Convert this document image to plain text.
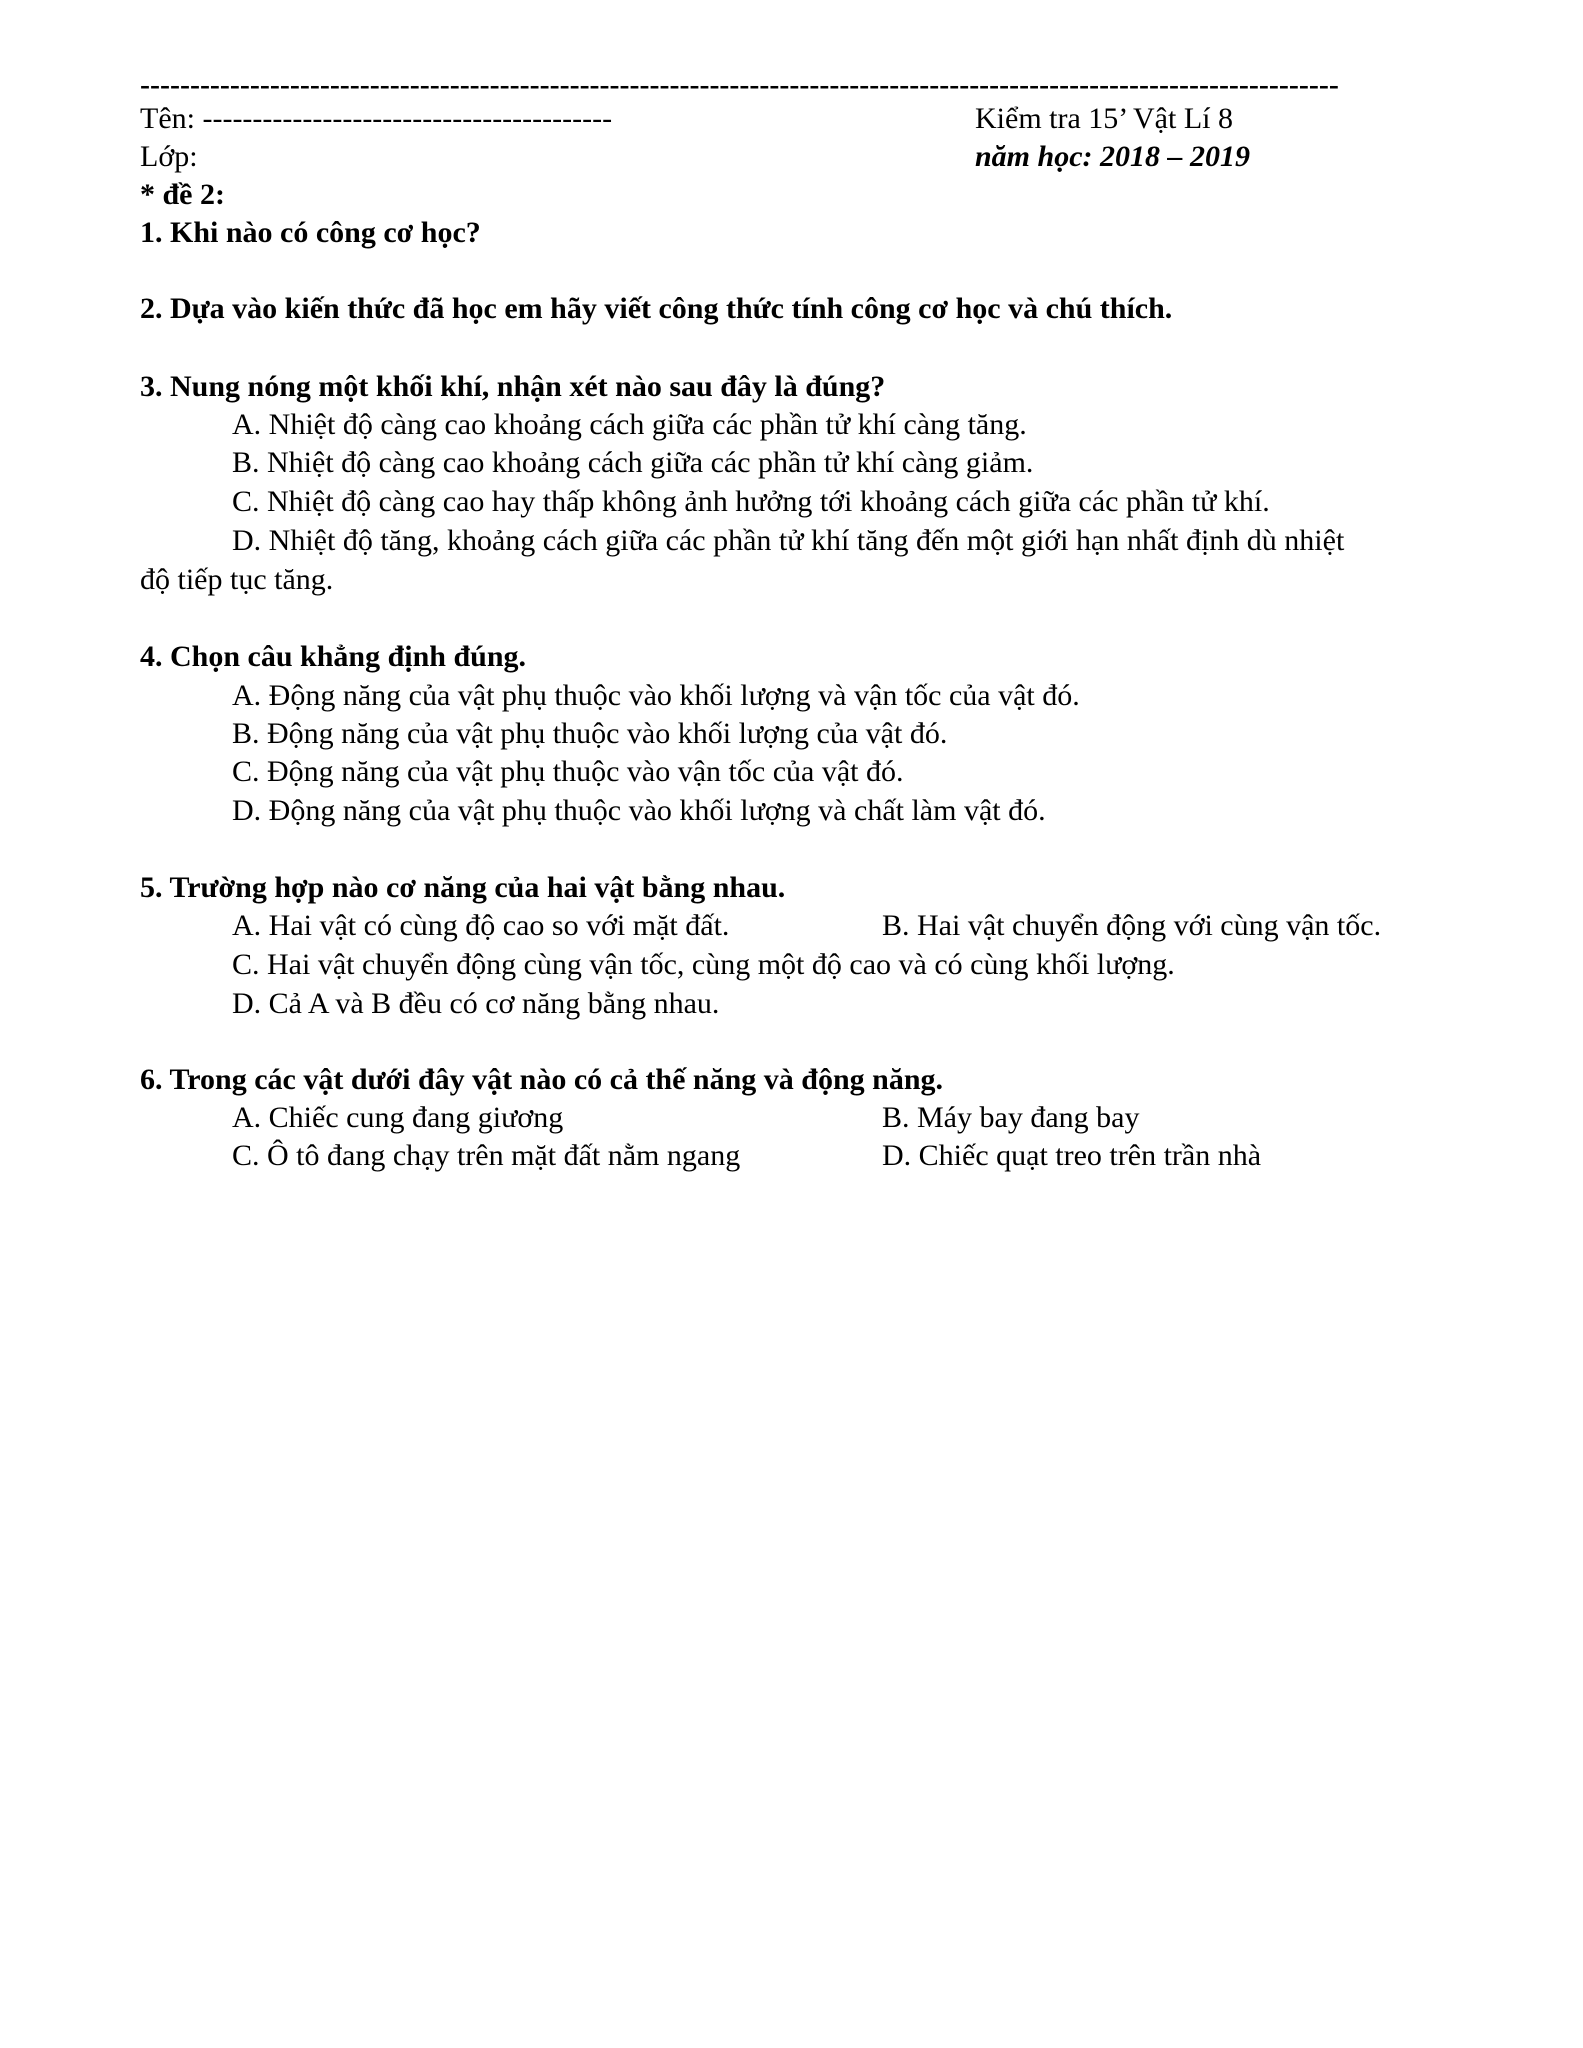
------------------------------------------------------------------------------------------------------------------------
Tên: -----------------------------------------	Kiểm tra 15’ Vật Lí 8
Lớp:	năm học: 2018 – 2019
* đề 2:
1. Khi nào có công cơ học?
2. Dựa vào kiến thức đã học em hãy viết công thức tính công cơ học và chú thích.
3. Nung nóng một khối khí, nhận xét nào sau đây là đúng?
A. Nhiệt độ càng cao khoảng cách giữa các phần tử khí càng tăng.
B. Nhiệt độ càng cao khoảng cách giữa các phần tử khí càng giảm.
C. Nhiệt độ càng cao hay thấp không ảnh hưởng tới khoảng cách giữa các phần tử khí.
D. Nhiệt độ tăng, khoảng cách giữa các phần tử khí tăng đến một giới hạn nhất định dù nhiệt
độ tiếp tục tăng.
4. Chọn câu khẳng định đúng.
A. Động năng của vật phụ thuộc vào khối lượng và vận tốc của vật đó.
B. Động năng của vật phụ thuộc vào khối lượng của vật đó.
C. Động năng của vật phụ thuộc vào vận tốc của vật đó.
D. Động năng của vật phụ thuộc vào khối lượng và chất làm vật đó.
5. Trường hợp nào cơ năng của hai vật bằng nhau.
A. Hai vật có cùng độ cao so với mặt đất.	B. Hai vật chuyển động với cùng vận tốc.
C. Hai vật chuyển động cùng vận tốc, cùng một độ cao và có cùng khối lượng.
D. Cả A và B đều có cơ năng bằng nhau.
6. Trong các vật dưới đây vật nào có cả thế năng và động năng.
A. Chiếc cung đang giương	B. Máy bay đang bay
C. Ô tô đang chạy trên mặt đất nằm ngang	D. Chiếc quạt treo trên trần nhà
